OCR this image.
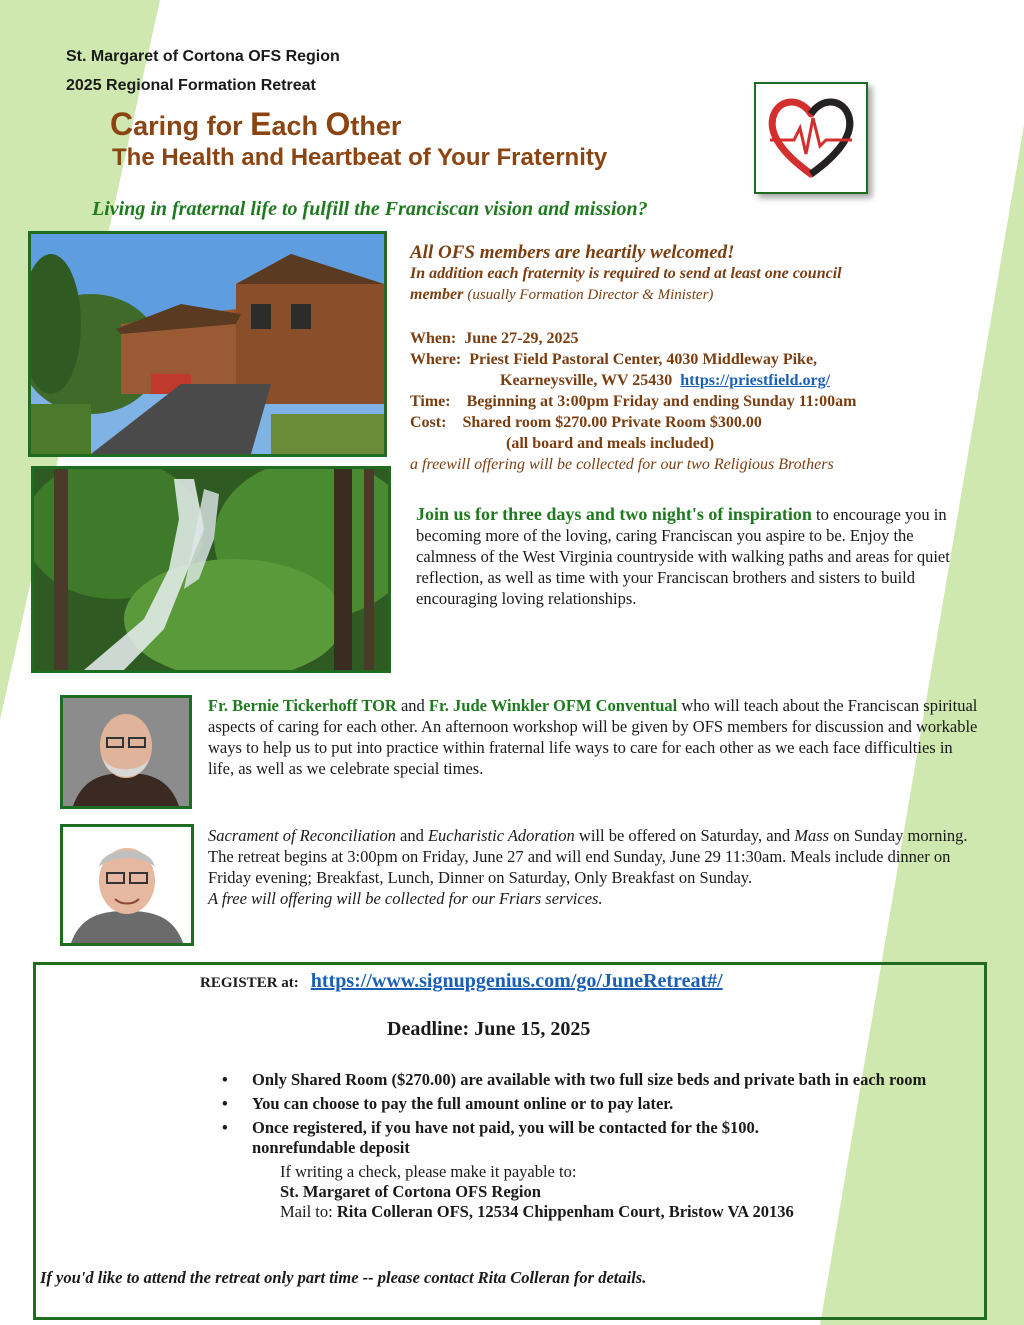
St. Margaret of Cortona OFS Region
2025 Regional Formation Retreat
Caring for Each Other
The Health and Heartbeat of Your Fraternity
Living in fraternal life to fulfill the Franciscan vision and mission?
All OFS members are heartily welcomed!
In addition each fraternity is required to send at least one council
member (usually Formation Director & Minister)
When: June 27-29, 2025
Where: Priest Field Pastoral Center, 4030 Middleway Pike,
Kearneysville, WV 25430 https://priestfield.org/
Time: Beginning at 3:00pm Friday and ending Sunday 11:00am
Cost: Shared room $270.00 Private Room $300.00
(all board and meals included)
a freewill offering will be collected for our two Religious Brothers
Join us for three days and two night's of inspiration to encourage you in becoming more of the loving, caring Franciscan you aspire to be. Enjoy the calmness of the West Virginia countryside with walking paths and areas for quiet reflection, as well as time with your Franciscan brothers and sisters to build encouraging loving relationships.
Fr. Bernie Tickerhoff TOR and Fr. Jude Winkler OFM Conventual who will teach about the Franciscan spiritual aspects of caring for each other. An afternoon workshop will be given by OFS members for discussion and workable ways to help us to put into practice within fraternal life ways to care for each other as we each face difficulties in life, as well as we celebrate special times.
Sacrament of Reconciliation and Eucharistic Adoration will be offered on Saturday, and Mass on Sunday morning. The retreat begins at 3:00pm on Friday, June 27 and will end Sunday, June 29 11:30am. Meals include dinner on Friday evening; Breakfast, Lunch, Dinner on Saturday, Only Breakfast on Sunday.
A free will offering will be collected for our Friars services.
REGISTER at: https://www.signupgenius.com/go/JuneRetreat#/
Deadline: June 15, 2025
• Only Shared Room ($270.00) are available with two full size beds and private bath in each room
• You can choose to pay the full amount online or to pay later.
• Once registered, if you have not paid, you will be contacted for the $100. nonrefundable deposit
If writing a check, please make it payable to:
St. Margaret of Cortona OFS Region
Mail to: Rita Colleran OFS, 12534 Chippenham Court, Bristow VA 20136
If you'd like to attend the retreat only part time -- please contact Rita Colleran for details.
